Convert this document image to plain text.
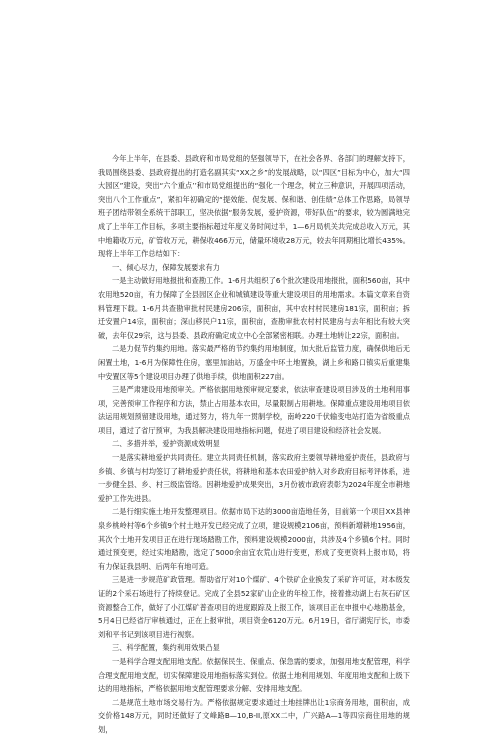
今年上半年，在县委、县政府和市局党组的坚强领导下，在社会各界、各部门的理解支持下，我局围绕县委、县政府提出的打造名副其实“XX之乡”的发展战略，以“四区”目标为中心，加大“四大园区”建设，突出“六个重点’’和市局党组提出的“强化一个理念，树立三种意识，开展四项活动，突出八个工作重点”，紧扣年初确定的“提效能、促发展、保和谐、创佳绩”总体工作思路，局领导班子团结带领全系统干部职工，坚决依据“服务发展，爱护资源，带好队伍”的要求，较为圆满地完成了上半年工作目标，多项主要指标超过年度义务时间过半，1—6月局机关共完成总收入万元，其中地籍收万元，矿管收万元，耕保收466万元，储量环境收28万元，较去年同期相比增长435%。现将上半年工作总结如下：

一、倾心尽力，保障发展要求有力

一是主动做好用地报批和查勘工作。1-6月共组织了6个批次建设用地报批，面积560亩，其中农用地520亩，有力保障了全县园区企业和城镇建设等重大建设项目的用地需求。本篇文章来自资料管理下载。1-6月共查勘审批村民建房206宗，面积亩，其中农村村民建房181宗，面积亩；拆迁安置户14宗，面积亩；深山移民户11宗，面积亩，查勘审批农村村民建房与去年相比有较大突破，去年仅29宗，这与县委、县政府确定成立中心全部紧密相联。办理土地转让22宗，面积亩。

二是力促节约集约用地。落实最严格的节约集约用地制度，加大批后监管力度，确保供地后无闲置土地，1-6月为保障性住房，塞里加油站，万盛金中环土地置换，湖上乡和路口镇实后重建集中安置区等5个建设项目办理了供地手续，供地面积227亩。

三是严肃建设用地预审关。严格依据用地预审规定要求，依法审查建设项目涉及的土地利用事项，完善预审工作程序和方法，禁止占用基本农田，尽量限制占用耕地。保障重点建设用地项目依法运用规划预留建设用地，通过努力，将九年一贯制学校，南岭220千伏输变电站打造为省级重点项目，通过了省厅预审，为我县解决建设用地指标问题，促进了项目建设和经济社会发展。

二、多措并举，爱护资源成效明显

一是落实耕地爱护共同责任。建立共同责任机制，落实政府主要领导耕地爱护责任，县政府与乡镇、乡镇与村均签订了耕地爱护责任状，将耕地和基本农田爱护纳入对乡政府目标考评体系，进一步健全县、乡、村三级监管络。因耕地爱护成果突出，3月份被市政府表彰为2024年度全市耕地爱护工作先进县。

二是行细实施土地开发整理项目。依据市局下达的3000亩造地任务，目前第一个项目XX县神泉乡桃岭村等6个乡镇9个村土地开发已经完成了立项，建设规模2106亩，预料新增耕地1956亩，其次个土地开发项目正在进行现场踏勘工作，预料建设规模2000亩，共涉及4个乡镇6个村。同时通过预变更，经过实地踏勘，选定了5000余亩宜农荒山进行变更，形成了变更资料上报市局，将有力保证我县明、后两年有地可造。

三是进一步规范矿政管理。帮助省厅对10个煤矿、4个铁矿企业换发了采矿许可证，对本级发证的2个采石场进行了持续登记。完成了全县52家矿山企业的年检工作，接着推动湖上右灰石矿区资源整合工作，做好了小江煤矿普查项目的进度跟踪及上报工作，该项目正在申报中心地勘基金，5月4日已经省厅审核通过，正在上报审批，项目资金6120万元。6月19日，省厅湖宪厅长，市委刘和平书记到该项目进行视察。

三、科学配置，集约利用效果凸显

一是科学合理支配用地支配。依据保民生、保重点、保急需的要求，加强用地支配管理，科学合理支配用地支配，切实保障建设用地指标落实到位。依据土地利用规划、年度用地支配和上级下达的用地指标，严格依据用地支配管理要求分解、安排用地支配。

二是规范土地市场交易行为。严格依据规定要求通过土地挂牌出让1宗商务用地，面积亩，成交价格148万元，同时还做好了文峰路B—10,B-II,原XX二中，广兴路A—1等四宗商住用地的规划，
